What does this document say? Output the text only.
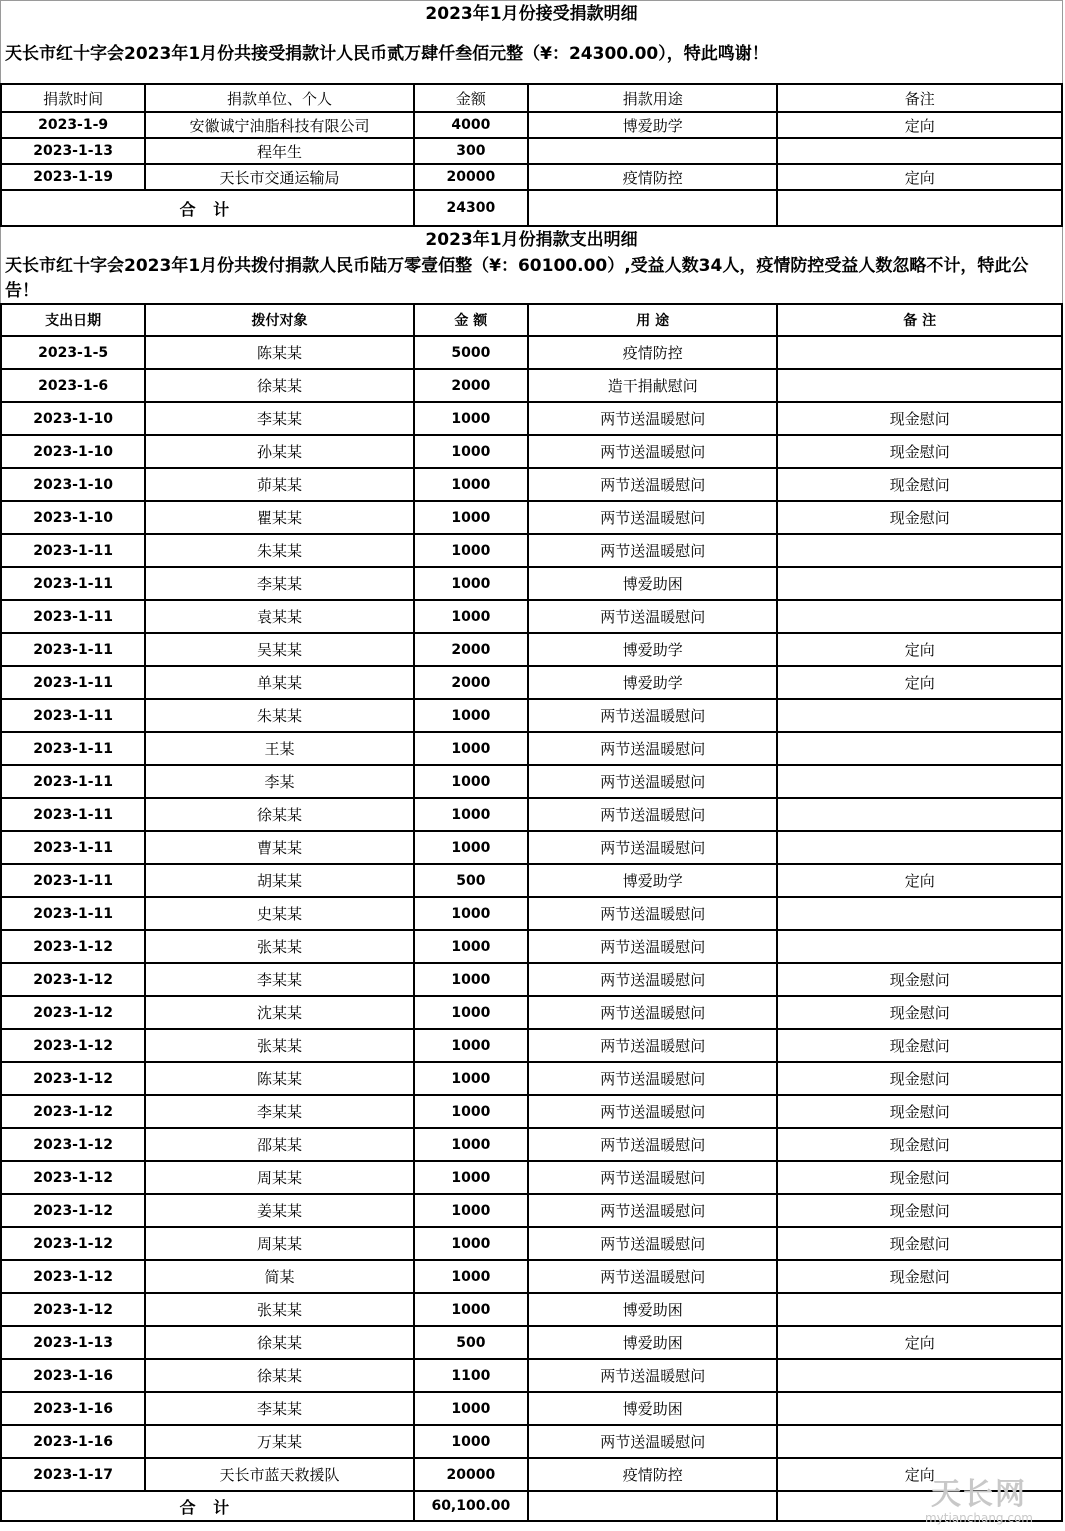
2023年1月份接受捐款明细
天长市红十字会2023年1月份共接受捐款计人民币贰万肆仟叁佰元整（¥：24300.00），特此鸣谢！
捐款时间	捐款单位、个人	金额	捐款用途	备注
2023-1-9	安徽诚宁油脂科技有限公司	4000	博爱助学	定向
2023-1-13	程年生	300		
2023-1-19	天长市交通运输局	20000	疫情防控	定向
合 计		24300		
2023年1月份捐款支出明细
天长市红十字会2023年1月份共拨付捐款人民币陆万零壹佰整（¥：60100.00）,受益人数34人，疫情防控受益人数忽略不计，特此公告！
支出日期	拨付对象	金 额	用 途	备 注
2023-1-5	陈某某	5000	疫情防控	
2023-1-6	徐某某	2000	造干捐献慰问	
2023-1-10	李某某	1000	两节送温暖慰问	现金慰问
2023-1-10	孙某某	1000	两节送温暖慰问	现金慰问
2023-1-10	茆某某	1000	两节送温暖慰问	现金慰问
2023-1-10	瞿某某	1000	两节送温暖慰问	现金慰问
2023-1-11	朱某某	1000	两节送温暖慰问	
2023-1-11	李某某	1000	博爱助困	
2023-1-11	袁某某	1000	两节送温暖慰问	
2023-1-11	吴某某	2000	博爱助学	定向
2023-1-11	单某某	2000	博爱助学	定向
2023-1-11	朱某某	1000	两节送温暖慰问	
2023-1-11	王某	1000	两节送温暖慰问	
2023-1-11	李某	1000	两节送温暖慰问	
2023-1-11	徐某某	1000	两节送温暖慰问	
2023-1-11	曹某某	1000	两节送温暖慰问	
2023-1-11	胡某某	500	博爱助学	定向
2023-1-11	史某某	1000	两节送温暖慰问	
2023-1-12	张某某	1000	两节送温暖慰问	
2023-1-12	李某某	1000	两节送温暖慰问	现金慰问
2023-1-12	沈某某	1000	两节送温暖慰问	现金慰问
2023-1-12	张某某	1000	两节送温暖慰问	现金慰问
2023-1-12	陈某某	1000	两节送温暖慰问	现金慰问
2023-1-12	李某某	1000	两节送温暖慰问	现金慰问
2023-1-12	邵某某	1000	两节送温暖慰问	现金慰问
2023-1-12	周某某	1000	两节送温暖慰问	现金慰问
2023-1-12	姜某某	1000	两节送温暖慰问	现金慰问
2023-1-12	周某某	1000	两节送温暖慰问	现金慰问
2023-1-12	简某	1000	两节送温暖慰问	现金慰问
2023-1-12	张某某	1000	博爱助困	
2023-1-13	徐某某	500	博爱助困	定向
2023-1-16	徐某某	1100	两节送温暖慰问	
2023-1-16	李某某	1000	博爱助困	
2023-1-16	万某某	1000	两节送温暖慰问	
2023-1-17	天长市蓝天救援队	20000	疫情防控	定向
合 计		60,100.00			天长网
mytianchang.com
